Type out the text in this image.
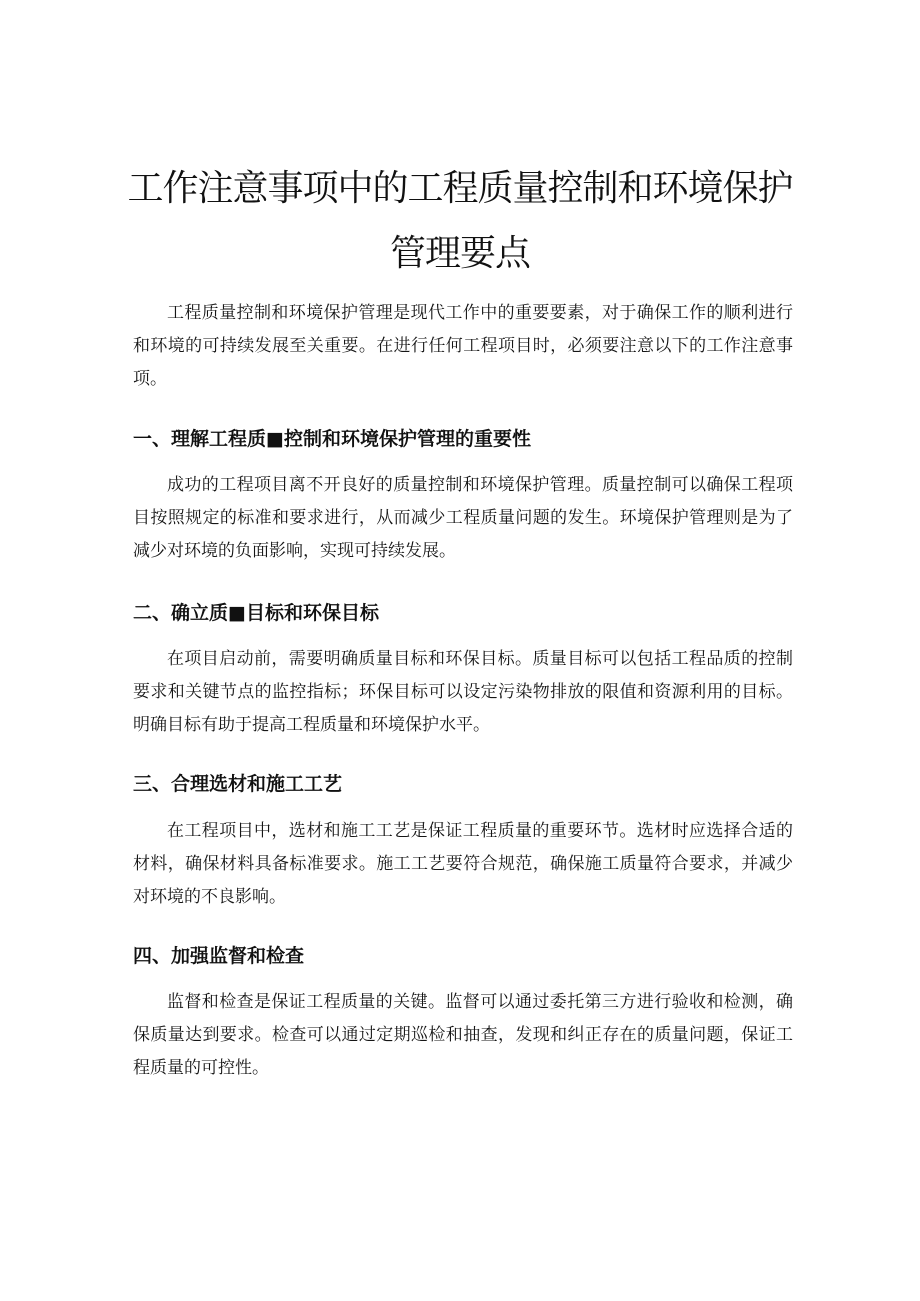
工作注意事项中的工程质量控制和环境保护
管理要点

工程质量控制和环境保护管理是现代工作中的重要要素，对于确保工作的顺利进行和环境的可持续发展至关重要。在进行任何工程项目时，必须要注意以下的工作注意事项。

一、理解工程质■控制和环境保护管理的重要性

成功的工程项目离不开良好的质量控制和环境保护管理。质量控制可以确保工程项目按照规定的标准和要求进行，从而减少工程质量问题的发生。环境保护管理则是为了减少对环境的负面影响，实现可持续发展。

二、确立质■目标和环保目标

在项目启动前，需要明确质量目标和环保目标。质量目标可以包括工程品质的控制要求和关键节点的监控指标；环保目标可以设定污染物排放的限值和资源利用的目标。明确目标有助于提高工程质量和环境保护水平。

三、合理选材和施工工艺

在工程项目中，选材和施工工艺是保证工程质量的重要环节。选材时应选择合适的材料，确保材料具备标准要求。施工工艺要符合规范，确保施工质量符合要求，并减少对环境的不良影响。

四、加强监督和检查

监督和检查是保证工程质量的关键。监督可以通过委托第三方进行验收和检测，确保质量达到要求。检查可以通过定期巡检和抽查，发现和纠正存在的质量问题，保证工程质量的可控性。
